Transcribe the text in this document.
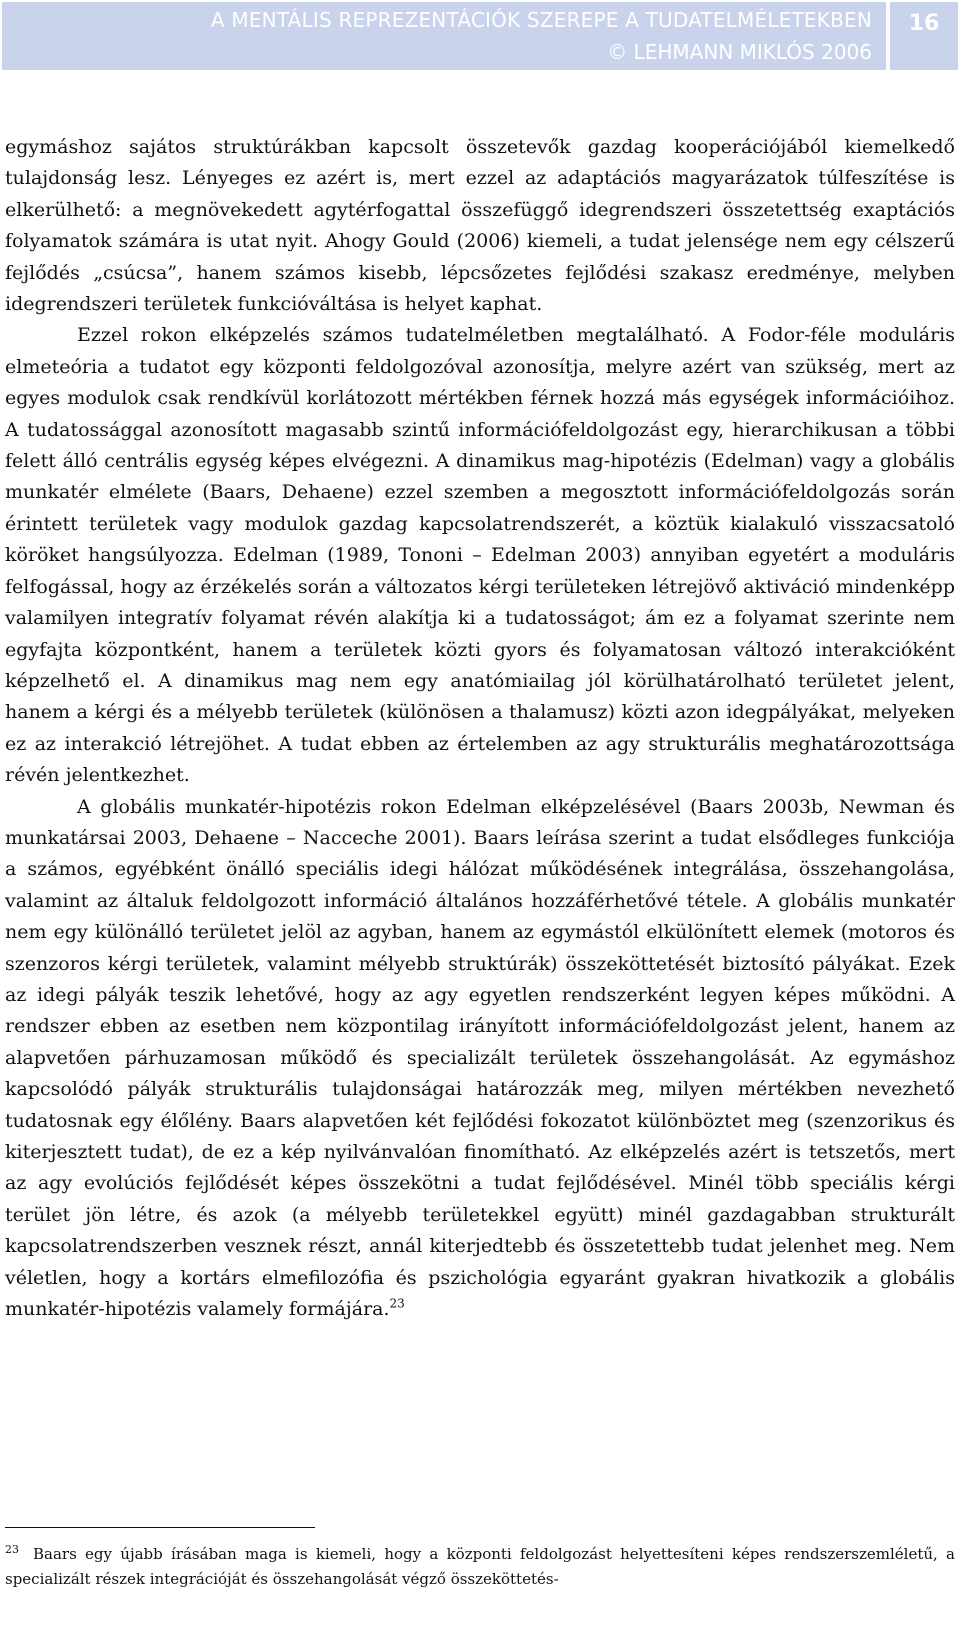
A MENTÁLIS REPREZENTÁCIÓK SZEREPE A TUDATELMÉLETEKBEN
© LEHMANN MIKLÓS 2006
16

egymáshoz sajátos struktúrákban kapcsolt összetevők gazdag kooperációjából kiemelkedő tulajdonság lesz. Lényeges ez azért is, mert ezzel az adaptációs magyarázatok túlfeszítése is elkerülhető: a megnövekedett agytérfogattal összefüggő idegrendszeri összetettség exaptációs folyamatok számára is utat nyit. Ahogy Gould (2006) kiemeli, a tudat jelensége nem egy célszerű fejlődés „csúcsa”, hanem számos kisebb, lépcsőzetes fejlődési szakasz eredménye, melyben idegrendszeri területek funkcióváltása is helyet kaphat.

Ezzel rokon elképzelés számos tudatelméletben megtalálható. A Fodor-féle moduláris elmeteória a tudatot egy központi feldolgozóval azonosítja, melyre azért van szükség, mert az egyes modulok csak rendkívül korlátozott mértékben férnek hozzá más egységek információihoz. A tudatossággal azonosított magasabb szintű információfeldolgozást egy, hierarchikusan a többi felett álló centrális egység képes elvégezni. A dinamikus mag-hipotézis (Edelman) vagy a globális munkatér elmélete (Baars, Dehaene) ezzel szemben a megosztott információfeldolgozás során érintett területek vagy modulok gazdag kapcsolatrendszerét, a köztük kialakuló visszacsatoló köröket hangsúlyozza. Edelman (1989, Tononi – Edelman 2003) annyiban egyetért a moduláris felfogással, hogy az érzékelés során a változatos kérgi területeken létrejövő aktiváció mindenképp valamilyen integratív folyamat révén alakítja ki a tudatosságot; ám ez a folyamat szerinte nem egyfajta központként, hanem a területek közti gyors és folyamatosan változó interakcióként képzelhető el. A dinamikus mag nem egy anatómiailag jól körülhatárolható területet jelent, hanem a kérgi és a mélyebb területek (különösen a thalamusz) közti azon idegpályákat, melyeken ez az interakció létrejöhet. A tudat ebben az értelemben az agy strukturális meghatározottsága révén jelentkezhet.

A globális munkatér-hipotézis rokon Edelman elképzelésével (Baars 2003b, Newman és munkatársai 2003, Dehaene – Nacceche 2001). Baars leírása szerint a tudat elsődleges funkciója a számos, egyébként önálló speciális idegi hálózat működésének integrálása, összehangolása, valamint az általuk feldolgozott információ általános hozzáférhetővé tétele. A globális munkatér nem egy különálló területet jelöl az agyban, hanem az egymástól elkülönített elemek (motoros és szenzoros kérgi területek, valamint mélyebb struktúrák) összeköttetését biztosító pályákat. Ezek az idegi pályák teszik lehetővé, hogy az agy egyetlen rendszerként legyen képes működni. A rendszer ebben az esetben nem központilag irányított információfeldolgozást jelent, hanem az alapvetően párhuzamosan működő és specializált területek összehangolását. Az egymáshoz kapcsolódó pályák strukturális tulajdonságai határozzák meg, milyen mértékben nevezhető tudatosnak egy élőlény. Baars alapvetően két fejlődési fokozatot különböztet meg (szenzorikus és kiterjesztett tudat), de ez a kép nyilvánvalóan finomítható. Az elképzelés azért is tetszetős, mert az agy evolúciós fejlődését képes összekötni a tudat fejlődésével. Minél több speciális kérgi terület jön létre, és azok (a mélyebb területekkel együtt) minél gazdagabban strukturált kapcsolatrendszerben vesznek részt, annál kiterjedtebb és összetettebb tudat jelenhet meg. Nem véletlen, hogy a kortárs elmefilozófia és pszichológia egyaránt gyakran hivatkozik a globális munkatér-hipotézis valamely formájára.$^{23}$

$^{23}$ Baars egy újabb írásában maga is kiemeli, hogy a központi feldolgozást helyettesíteni képes rendszerszemléletű, a specializált részek integrációját és összehangolását végző összeköttetés-
